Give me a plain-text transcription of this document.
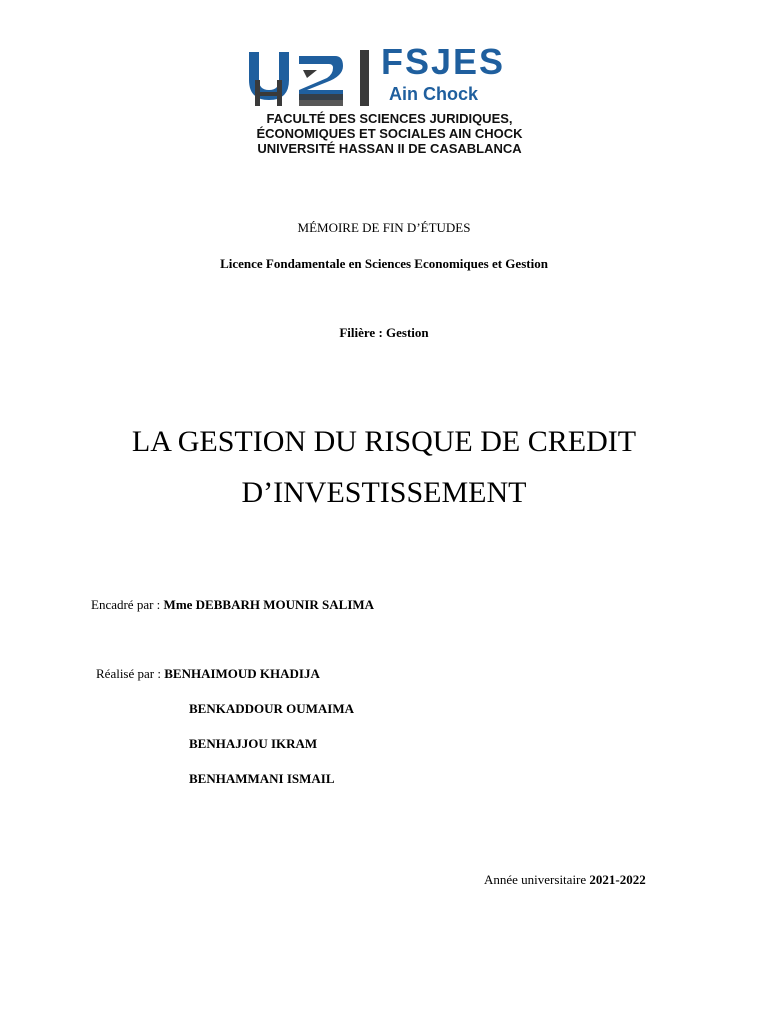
FSJES
Ain Chock
FACULTÉ DES SCIENCES JURIDIQUES,
ÉCONOMIQUES ET SOCIALES AIN CHOCK
UNIVERSITÉ HASSAN II DE CASABLANCA
MÉMOIRE DE FIN D’ÉTUDES
Licence Fondamentale en Sciences Economiques et Gestion
Filière : Gestion
LA GESTION DU RISQUE DE CREDIT
D’INVESTISSEMENT
Encadré par : Mme DEBBARH MOUNIR SALIMA
Réalisé par : BENHAIMOUD KHADIJA
BENKADDOUR OUMAIMA
BENHAJJOU IKRAM
BENHAMMANI ISMAIL
Année universitaire 2021-2022
